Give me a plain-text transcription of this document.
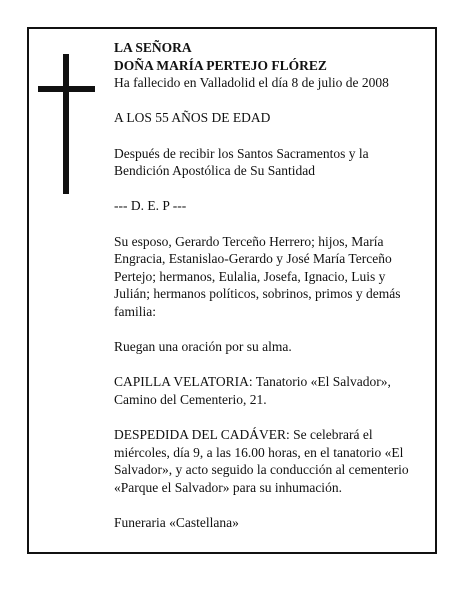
LA SEÑORA

DOÑA MARÍA PERTEJO FLÓREZ

Ha fallecido en Valladolid el día 8 de julio de 2008

A LOS 55 AÑOS DE EDAD

Después de recibir los Santos Sacramentos y la Bendición Apostólica de Su Santidad

--- D. E. P ---

Su esposo, Gerardo Terceño Herrero; hijos, María Engracia, Estanislao-Gerardo y José María Terceño Pertejo; hermanos, Eulalia, Josefa, Ignacio, Luis y Julián; hermanos políticos, sobrinos, primos y demás familia:

Ruegan una oración por su alma.

CAPILLA VELATORIA: Tanatorio «El Salvador», Camino del Cementerio, 21.

DESPEDIDA DEL CADÁVER: Se celebrará el miércoles, día 9, a las 16.00 horas, en el tanatorio «El Salvador», y acto seguido la conducción al cementerio «Parque el Salvador» para su inhumación.

Funeraria «Castellana»
